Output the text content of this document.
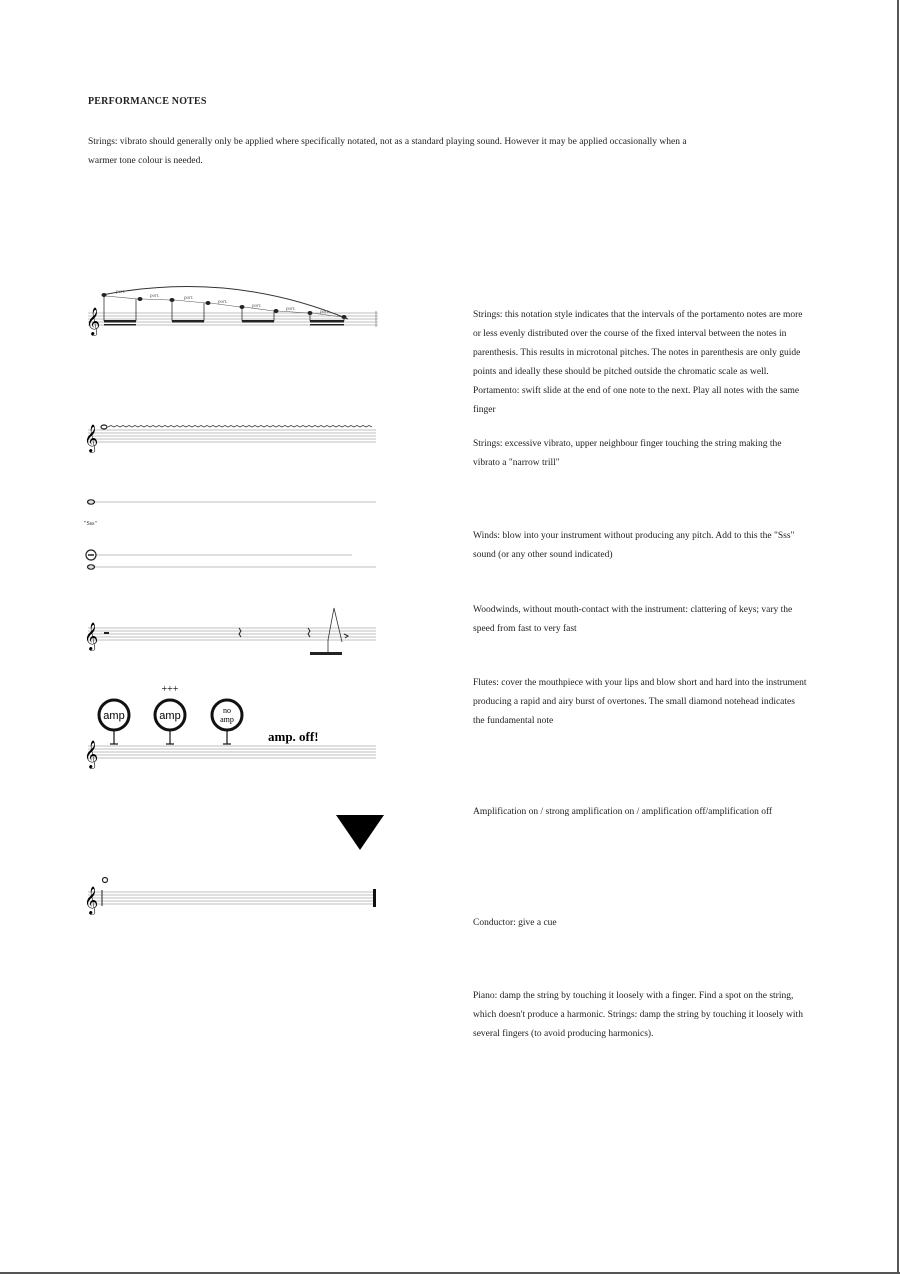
PERFORMANCE NOTES
Strings: vibrato should generally only be applied where specifically notated, not as a standard playing sound. However it may be applied occasionally when a warmer tone colour is needed.
Strings: this notation style indicates that the intervals of the portamento notes are more or less evenly distributed over the course of the fixed interval between the notes in parenthesis. This results in microtonal pitches. The notes in parenthesis are only guide points and ideally these should be pitched outside the chromatic scale as well. Portamento: swift slide at the end of one note to the next. Play all notes with the same finger
Strings: excessive vibrato, upper neighbour finger touching the string making the vibrato a "narrow trill"
Winds: blow into your instrument without producing any pitch. Add to this the "Sss" sound (or any other sound indicated)
Woodwinds, without mouth-contact with the instrument: clattering of keys; vary the speed from fast to very fast
Flutes: cover the mouthpiece with your lips and blow short and hard into the instrument producing a rapid and airy burst of overtones. The small diamond notehead indicates the fundamental note
Amplification on / strong amplification on / amplification off/amplification off
Conductor: give a cue
Piano: damp the string by touching it loosely with a finger. Find a spot on the string, which doesn't produce a harmonic. Strings: damp the string by touching it loosely with several fingers (to avoid producing harmonics).
𝄞
port.
port.	port.
port.
port.
port.
port.
𝄞
"Sss"
𝄞
𝄞
amp
+++
amp	no
amp
amp. off!
𝄞
